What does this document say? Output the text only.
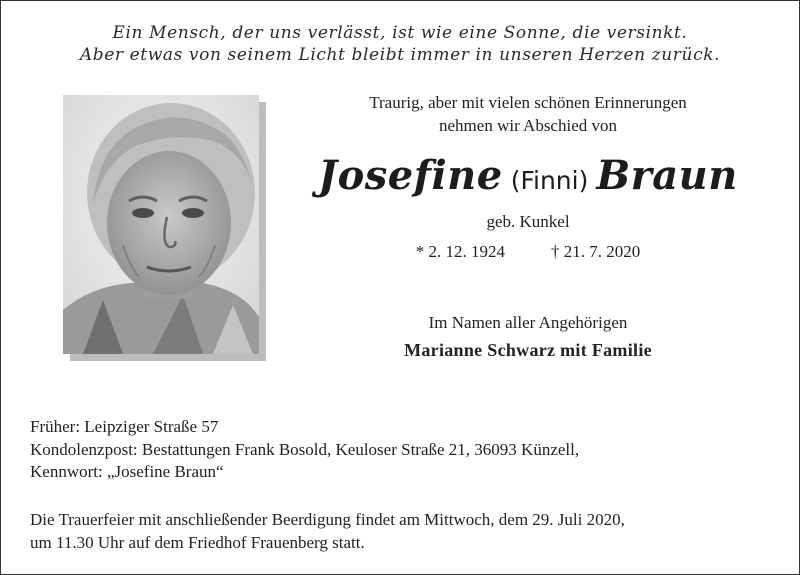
Ein Mensch, der uns verlässt, ist wie eine Sonne, die versinkt.
Aber etwas von seinem Licht bleibt immer in unseren Herzen zurück.
Traurig, aber mit vielen schönen Erinnerungen
nehmen wir Abschied von
Josefine (Finni) Braun
geb. Kunkel
* 2. 12. 1924	† 21. 7. 2020
Im Namen aller Angehörigen
Marianne Schwarz mit Familie
Früher: Leipziger Straße 57
Kondolenzpost: Bestattungen Frank Bosold, Keuloser Straße 21, 36093 Künzell,
Kennwort: „Josefine Braun“
Die Trauerfeier mit anschließender Beerdigung findet am Mittwoch, dem 29. Juli 2020,
um 11.30 Uhr auf dem Friedhof Frauenberg statt.
